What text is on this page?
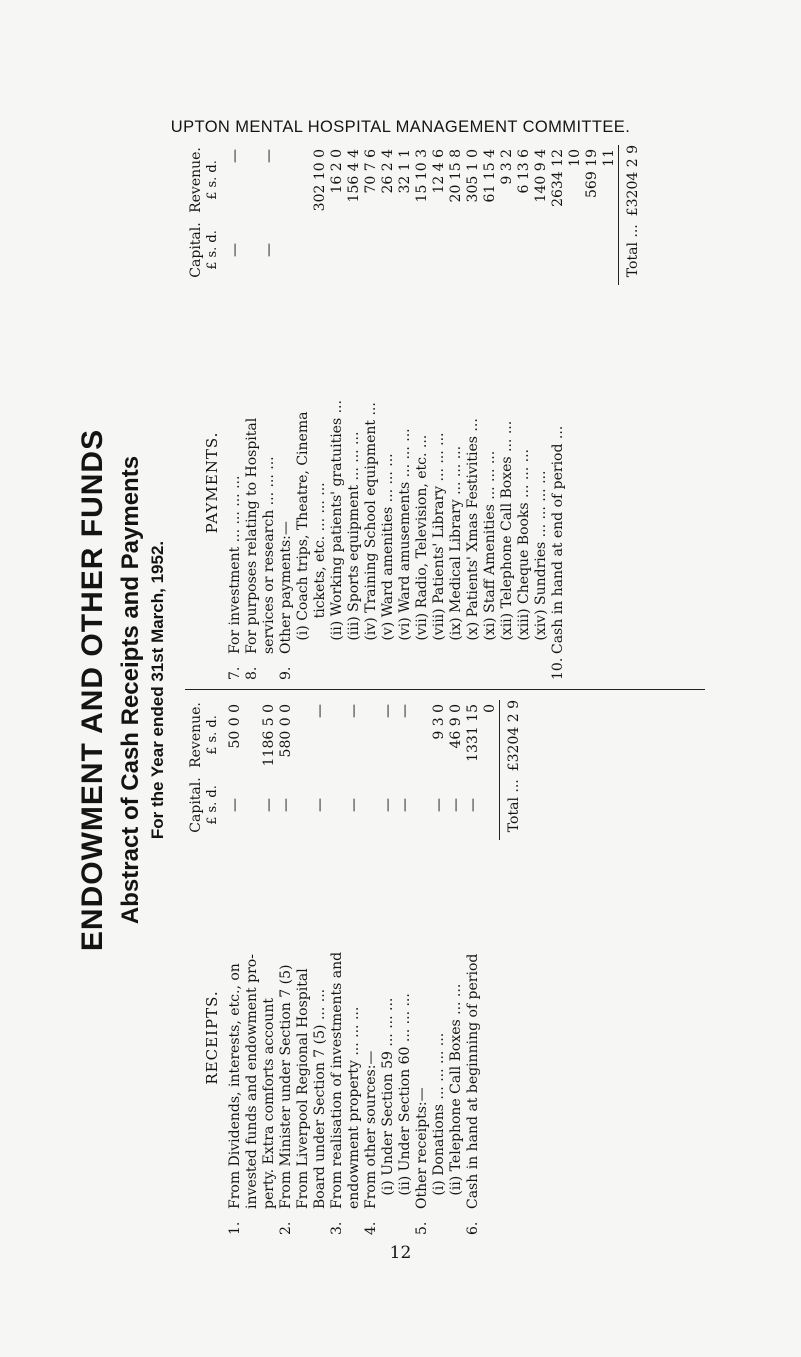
UPTON MENTAL HOSPITAL MANAGEMENT COMMITTEE.
ENDOWMENT AND OTHER FUNDS Abstract of Cash Receipts and Payments For the Year ended 31st March, 1952.
RECEIPTS.
Capital.
£ s. d.
Revenue.
£ s. d.
1.
From Dividends, interests, etc., on
—
50 0 0
invested funds and endowment pro- perty. Extra comforts account
—
1186 5 0
2.
From Minister under Section 7 (5)
—
580 0 0
From Liverpool Regional Hospital Board under Section 7 (5) ... ...
—
—
3.
From realisation of investments and endowment property ... ... ...
—
—
4.
From other sources:— (i) Under Section 59 ... ... ...
—
—
(ii) Under Section 60 ... ... ...
—
—
5.
Other receipts:— (i) Donations ... ... ... ...
—
9 3 0
(ii) Telephone Call Boxes ... ...
—
46 9 0
6.
Cash in hand at beginning of period
—
1331 15 0
Total ...
£3204 2 9
PAYMENTS.
Capital.
£ s. d.
Revenue.
£ s. d.
7.
For investment ... ... ... ...
—
—
8.
For purposes relating to Hospital services or research ... ... ...
—
—
9.
Other payments:— (i) Coach trips, Theatre, Cinema tickets, etc. ... ... ...
302 10 0
(ii) Working patients' gratuities ...
16 2 0
(iii) Sports equipment ... ... ...
156 4 4
(iv) Training School equipment ...
70 7 6
(v) Ward amenities ... ... ...
26 2 4
(vi) Ward amusements ... ... ...
32 1 1
(vii) Radio, Television, etc. ...
15 10 3
(viii) Patients' Library ... ... ...
12 4 6
(ix) Medical Library ... ... ...
20 15 8
(x) Patients' Xmas Festivities ...
305 1 0
(xi) Staff Amenities ... ... ...
61 15 4
(xii) Telephone Call Boxes ... ...
9 3 2
(xiii) Cheque Books ... ... ...
6 13 6
(xiv) Sundries ... ... ... ...
140 9 4
10.
Cash in hand at end of period ...
2634 12 10 569 19 11
Total ...
£3204 2 9
12
